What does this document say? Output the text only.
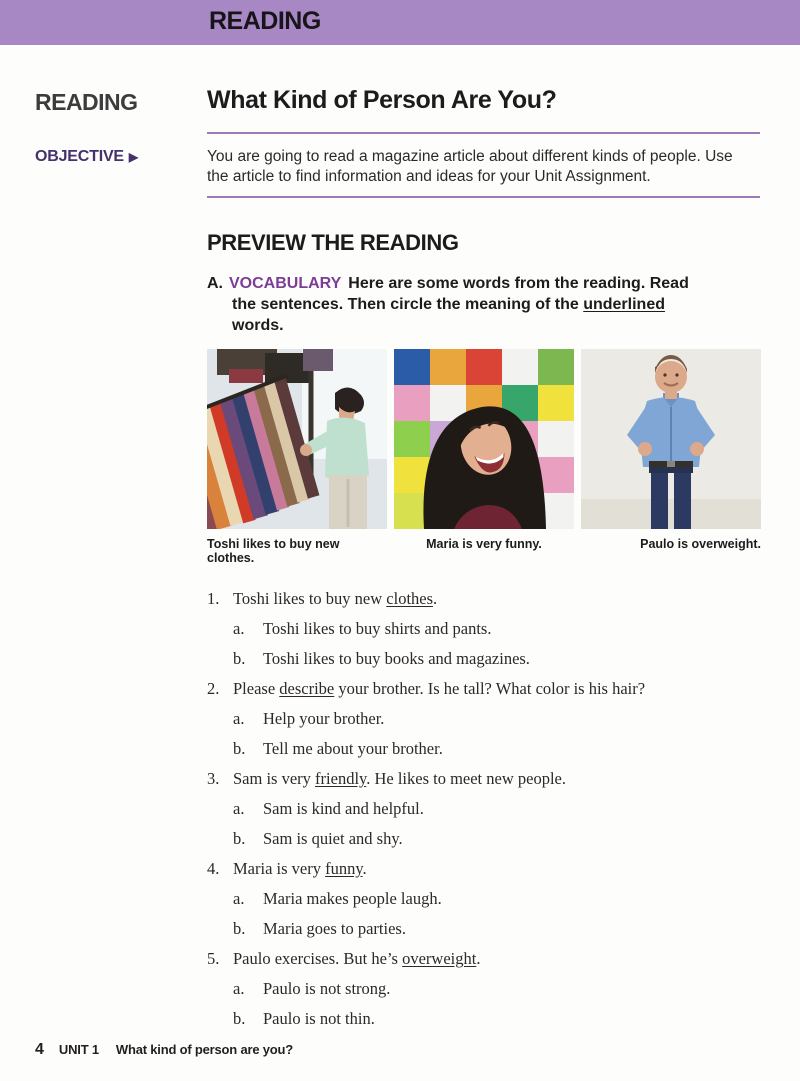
READING
READING
OBJECTIVE ▶
What Kind of Person Are You?

You are going to read a magazine article about different kinds of people. Use the article to find information and ideas for your Unit Assignment.

PREVIEW THE READING

A. VOCABULARY Here are some words from the reading. Read the sentences. Then circle the meaning of the underlined words.

Toshi likes to buy new clothes.
Maria is very funny.	Paulo is overweight.
1. Toshi likes to buy new clothes.
a.	Toshi likes to buy shirts and pants.
b.	Toshi likes to buy books and magazines.
2. Please describe your brother. Is he tall? What color is his hair?
a.	Help your brother.
b.	Tell me about your brother.
3. Sam is very friendly. He likes to meet new people.
a.	Sam is kind and helpful.
b.	Sam is quiet and shy.
4. Maria is very funny.
a.	Maria makes people laugh.
b.	Maria goes to parties.
5. Paulo exercises. But he’s overweight.
a.	Paulo is not strong.
b.	Paulo is not thin.
4 UNIT 1 What kind of person are you?
